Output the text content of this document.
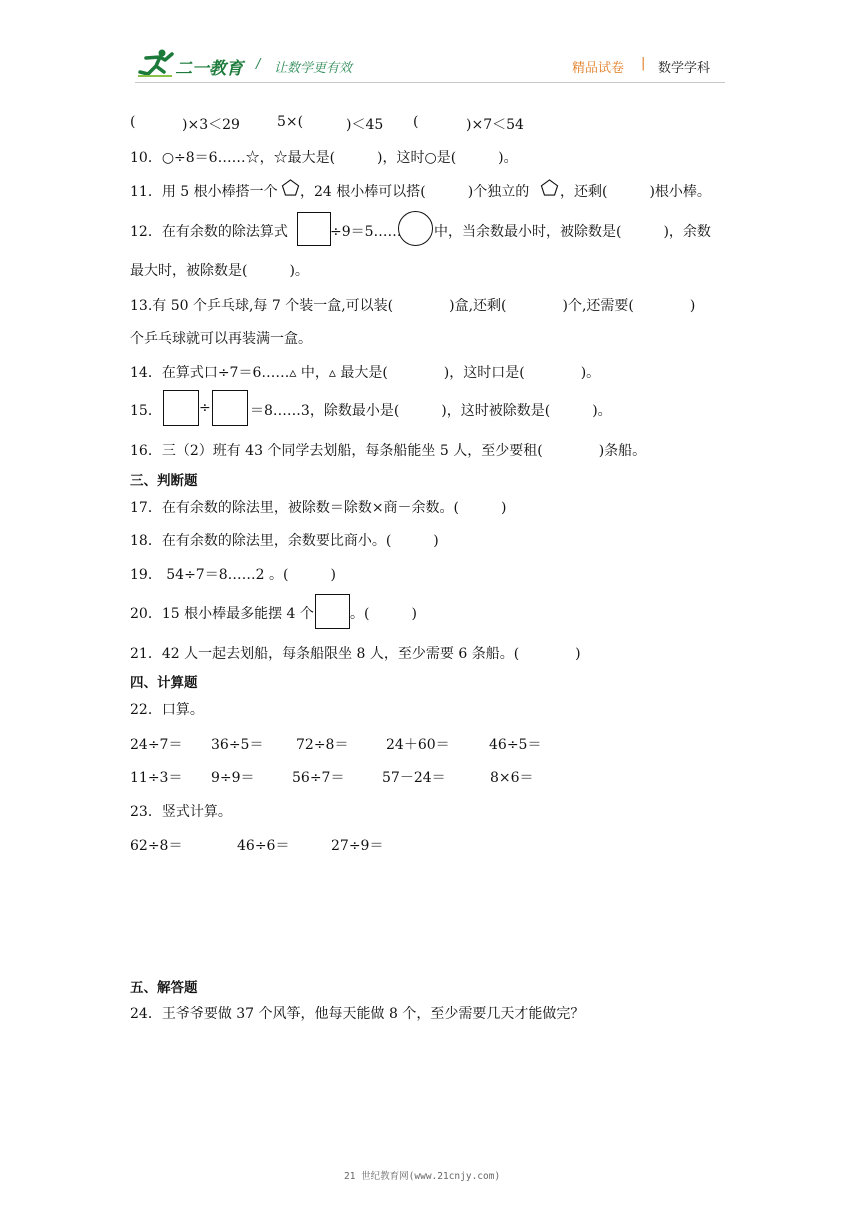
二一教育 / 让数学更有效	精品试卷 | 数学学科
(	)×3＜29	5×(	)＜45 (	)×7＜54
10．○÷8＝6……☆，☆最大是(　　　)，这时○是(　　　)。
11．用 5 根小棒搭一个 ，24 根小棒可以搭(　　　)个独立的 ，还剩(　　　)根小棒。
12．在有余数的除法算式	÷9＝5…… 中，当余数最小时，被除数是(　　　)，余数
最大时，被除数是(　　　)。
13.有 50 个乒乓球,每 7 个装一盒,可以装(　　　　)盒,还剩(　　　　)个,还需要(　　　　)
个乒乓球就可以再装满一盒。
14．在算式口÷7＝6……▵ 中，▵ 最大是(　　　　)，这时口是(　　　　)。
15．	÷	＝8……3，除数最小是(　　　)，这时被除数是(　　　)。
16．三（2）班有 43 个同学去划船，每条船能坐 5 人，至少要租(　　　　)条船。
三、判断题
17．在有余数的除法里，被除数＝除数×商－余数。(　　　)
18．在有余数的除法里，余数要比商小。(　　　)
19． 54÷7＝8……2 。(　　　)
20．15 根小棒最多能摆 4 个	。(　　　)
21．42 人一起去划船，每条船限坐 8 人，至少需要 6 条船。(　　　　)
四、计算题
22．口算。
24÷7＝ 36÷5＝ 72÷8＝	24＋60＝	46÷5＝
11÷3＝ 9÷9＝	56÷7＝	57－24＝	8×6＝
23．竖式计算。
62÷8＝	46÷6＝	27÷9＝
五、解答题
24．王爷爷要做 37 个风筝，他每天能做 8 个，至少需要几天才能做完？
21 世纪教育网(www.21cnjy.com)
